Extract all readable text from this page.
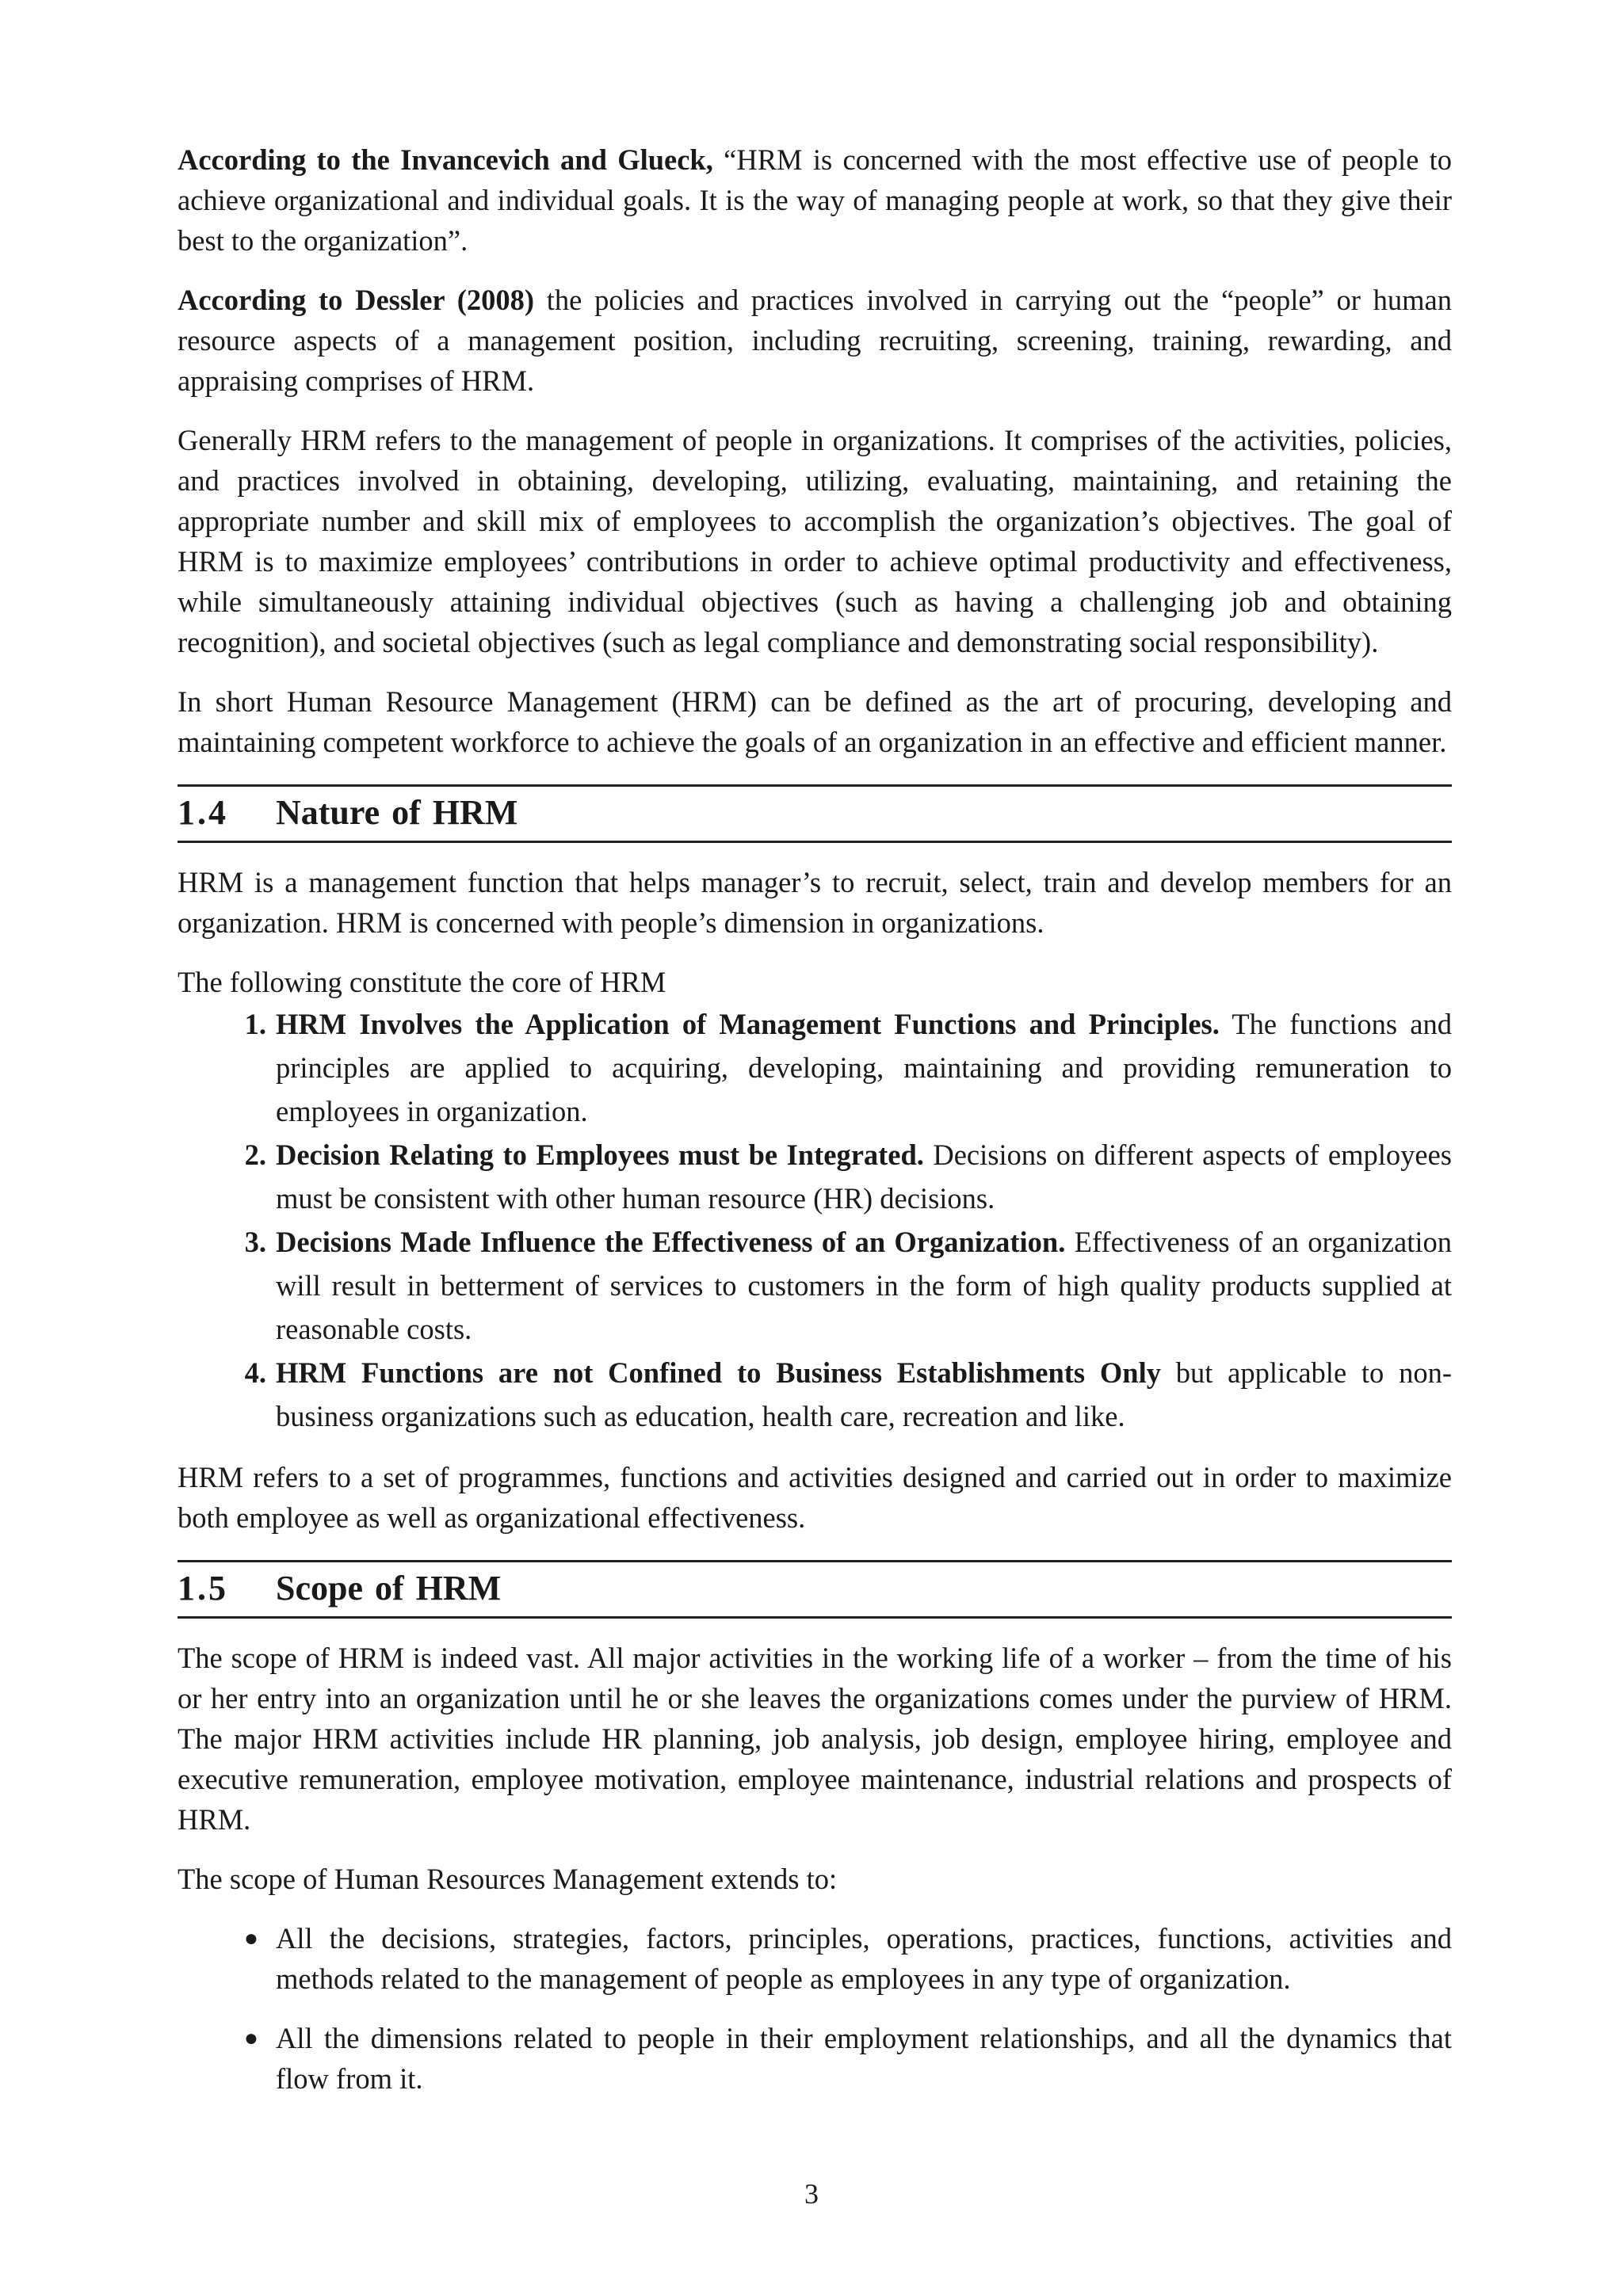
According to the Invancevich and Glueck, “HRM is concerned with the most effective use of people to achieve organizational and individual goals. It is the way of managing people at work, so that they give their best to the organization”.

According to Dessler (2008) the policies and practices involved in carrying out the “people” or human resource aspects of a management position, including recruiting, screening, training, rewarding, and appraising comprises of HRM.

Generally HRM refers to the management of people in organizations. It comprises of the activities, policies, and practices involved in obtaining, developing, utilizing, evaluating, maintaining, and retaining the appropriate number and skill mix of employees to accomplish the organization’s objectives. The goal of HRM is to maximize employees’ contributions in order to achieve optimal productivity and effectiveness, while simultaneously attaining individual objectives (such as having a challenging job and obtaining recognition), and societal objectives (such as legal compliance and demonstrating social responsibility).

In short Human Resource Management (HRM) can be defined as the art of procuring, developing and maintaining competent workforce to achieve the goals of an organization in an effective and efficient manner.

1.4	Nature of HRM

HRM is a management function that helps manager’s to recruit, select, train and develop members for an organization. HRM is concerned with people’s dimension in organizations.

The following constitute the core of HRM

1. HRM Involves the Application of Management Functions and Principles. The functions and principles are applied to acquiring, developing, maintaining and providing remuneration to employees in organization.
2. Decision Relating to Employees must be Integrated. Decisions on different aspects of employees must be consistent with other human resource (HR) decisions.
3. Decisions Made Influence the Effectiveness of an Organization. Effectiveness of an organization will result in betterment of services to customers in the form of high quality products supplied at reasonable costs.
4. HRM Functions are not Confined to Business Establishments Only but applicable to non-business organizations such as education, health care, recreation and like.

HRM refers to a set of programmes, functions and activities designed and carried out in order to maximize both employee as well as organizational effectiveness.

1.5	Scope of HRM

The scope of HRM is indeed vast. All major activities in the working life of a worker – from the time of his or her entry into an organization until he or she leaves the organizations comes under the purview of HRM. The major HRM activities include HR planning, job analysis, job design, employee hiring, employee and executive remuneration, employee motivation, employee maintenance, industrial relations and prospects of HRM.

The scope of Human Resources Management extends to:

● All the decisions, strategies, factors, principles, operations, practices, functions, activities and methods related to the management of people as employees in any type of organization.
● All the dimensions related to people in their employment relationships, and all the dynamics that flow from it.
3
